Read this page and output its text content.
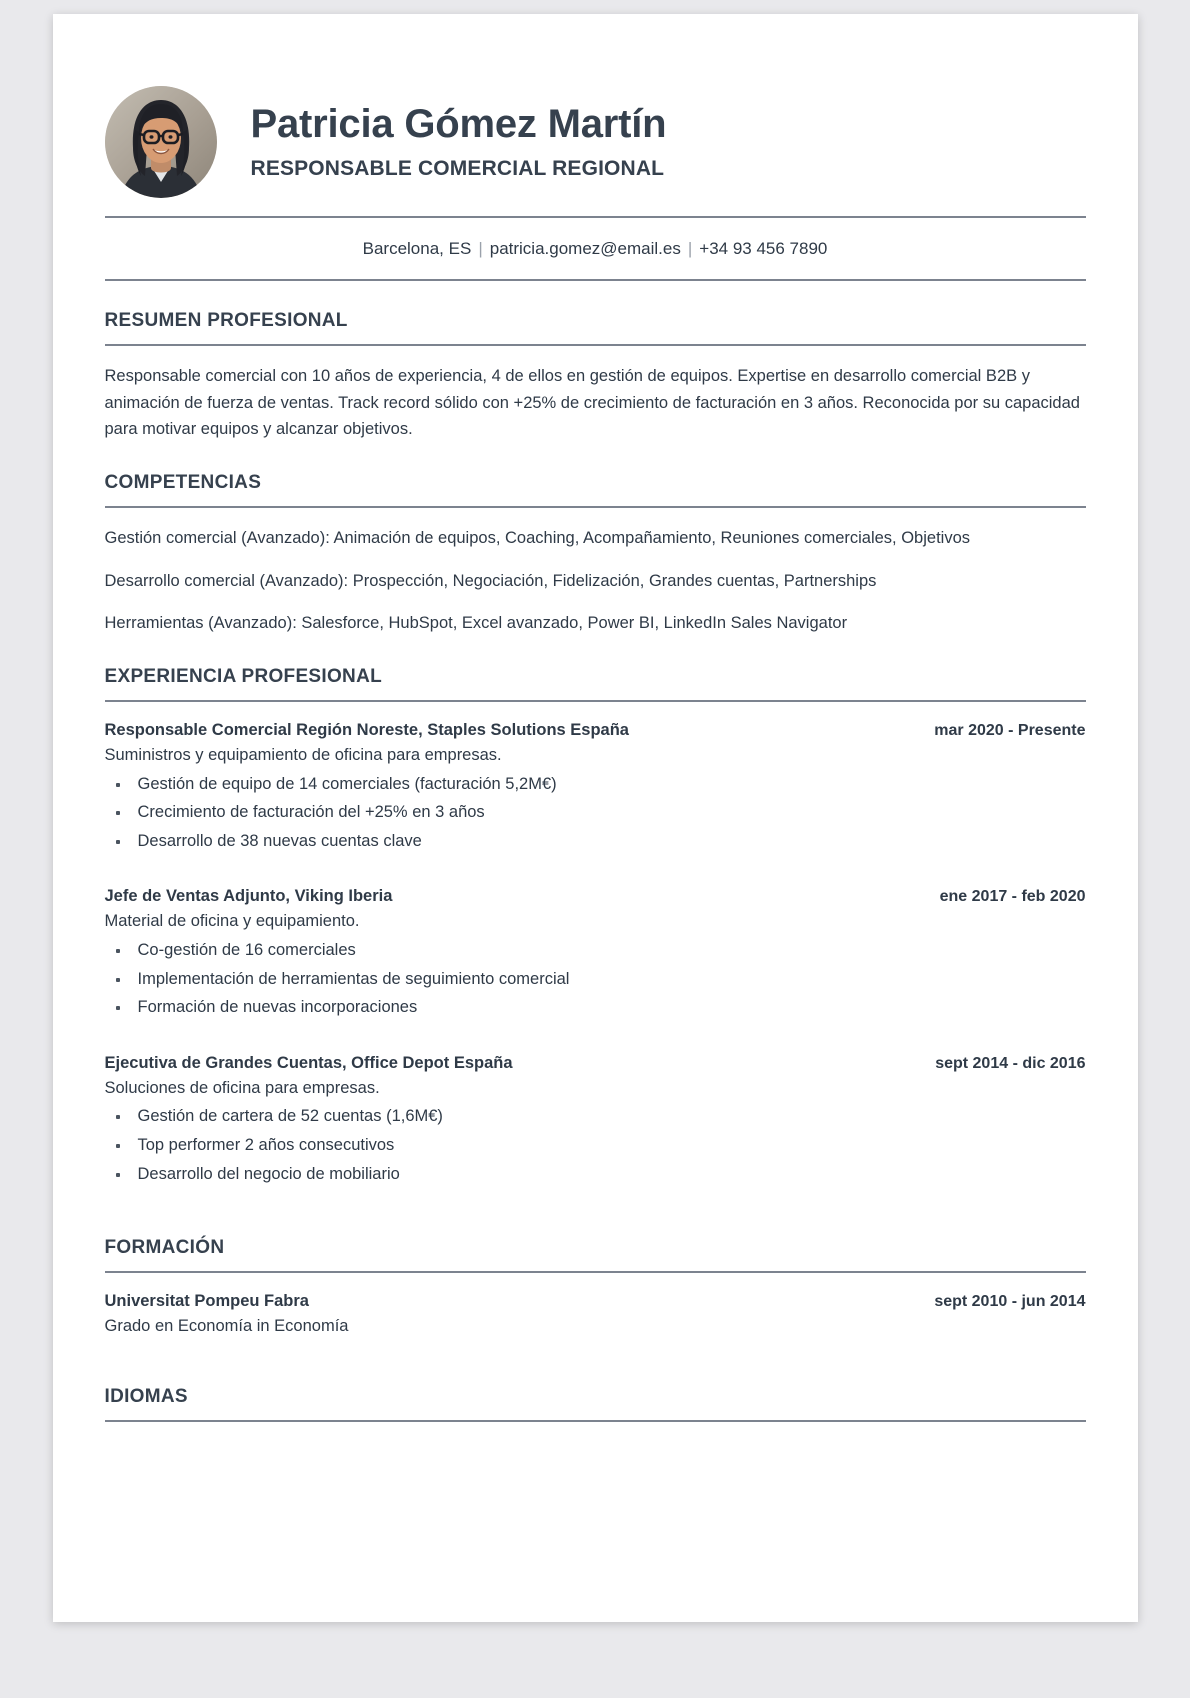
Patricia Gómez Martín
RESPONSABLE COMERCIAL REGIONAL
Barcelona, ES | patricia.gomez@email.es | +34 93 456 7890
RESUMEN PROFESIONAL

Responsable comercial con 10 años de experiencia, 4 de ellos en gestión de equipos. Expertise en desarrollo comercial B2B y animación de fuerza de ventas. Track record sólido con +25% de crecimiento de facturación en 3 años. Reconocida por su capacidad para motivar equipos y alcanzar objetivos.

COMPETENCIAS

Gestión comercial (Avanzado): Animación de equipos, Coaching, Acompañamiento, Reuniones comerciales, Objetivos

Desarrollo comercial (Avanzado): Prospección, Negociación, Fidelización, Grandes cuentas, Partnerships

Herramientas (Avanzado): Salesforce, HubSpot, Excel avanzado, Power BI, LinkedIn Sales Navigator

EXPERIENCIA PROFESIONAL
Responsable Comercial Región Noreste, Staples Solutions España	mar 2020 - Presente

Suministros y equipamiento de oficina para empresas.

Gestión de equipo de 14 comerciales (facturación 5,2M€)
Crecimiento de facturación del +25% en 3 años
Desarrollo de 38 nuevas cuentas clave
Jefe de Ventas Adjunto, Viking Iberia	ene 2017 - feb 2020

Material de oficina y equipamiento.

Co-gestión de 16 comerciales
Implementación de herramientas de seguimiento comercial
Formación de nuevas incorporaciones
Ejecutiva de Grandes Cuentas, Office Depot España	sept 2014 - dic 2016

Soluciones de oficina para empresas.

Gestión de cartera de 52 cuentas (1,6M€)
Top performer 2 años consecutivos
Desarrollo del negocio de mobiliario
FORMACIÓN
Universitat Pompeu Fabra	sept 2010 - jun 2014

Grado en Economía in Economía

IDIOMAS
